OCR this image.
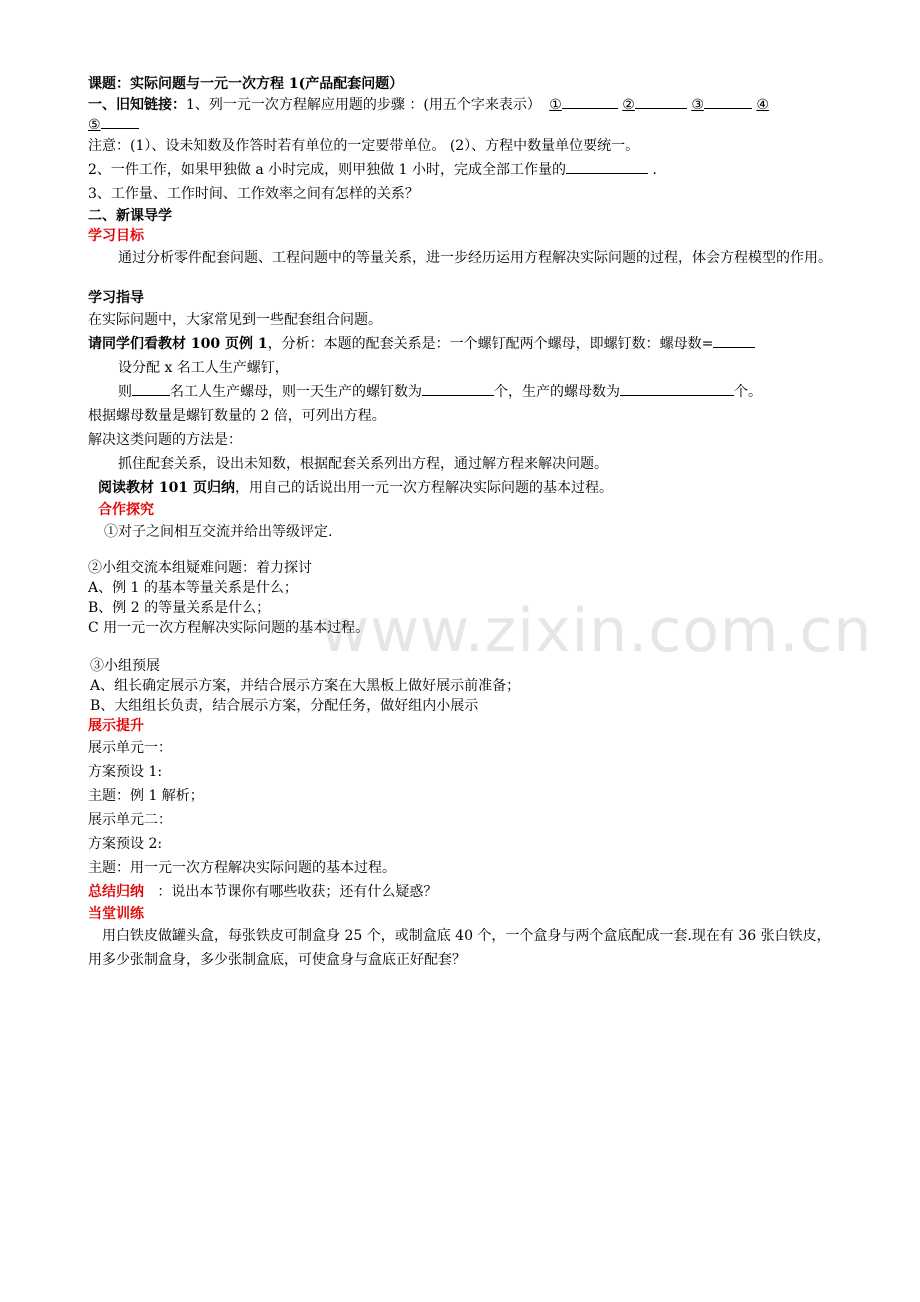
www.zixin.com.cn
课题：实际问题与一元一次方程 1(产品配套问题）
一、旧知链接：1、列一元一次方程解应用题的步骤 ：(用五个字来表示） ①	②	③	④
⑤
注意：(1）、设未知数及作答时若有单位的一定要带单位。 (2）、方程中数量单位要统一。
2、一件工作，如果甲独做 a 小时完成，则甲独做 1 小时，完成全部工作量的	.
3、工作量、工作时间、工作效率之间有怎样的关系？
二、新课导学
学习目标
通过分析零件配套问题、工程问题中的等量关系，进一步经历运用方程解决实际问题的过程，体会方程模型的作用。
学习指导
在实际问题中，大家常见到一些配套组合问题。
请同学们看教材 100 页例 1，分析：本题的配套关系是：一个螺钉配两个螺母，即螺钉数：螺母数=
设分配 x 名工人生产螺钉，
则	名工人生产螺母，则一天生产的螺钉数为	个，生产的螺母数为	个。
根据螺母数量是螺钉数量的 2 倍，可列出方程。
解决这类问题的方法是：
抓住配套关系，设出未知数，根据配套关系列出方程，通过解方程来解决问题。
阅读教材 101 页归纳，用自己的话说出用一元一次方程解决实际问题的基本过程。
合作探究
①对子之间相互交流并给出等级评定.
②小组交流本组疑难问题：着力探讨
A、例 1 的基本等量关系是什么；
B、例 2 的等量关系是什么；
C 用一元一次方程解决实际问题的基本过程。
③小组预展
A、组长确定展示方案，并结合展示方案在大黑板上做好展示前准备；
B、大组组长负责，结合展示方案，分配任务，做好组内小展示
展示提升
展示单元一：
方案预设 1:
主题：例 1 解析；
展示单元二：
方案预设 2:
主题：用一元一次方程解决实际问题的基本过程。
总结归纳 ：说出本节课你有哪些收获；还有什么疑惑？
当堂训练
用白铁皮做罐头盒，每张铁皮可制盒身 25 个，或制盒底 40 个，一个盒身与两个盒底配成一套.现在有 36 张白铁皮，用多少张制盒身，多少张制盒底，可使盒身与盒底正好配套？
